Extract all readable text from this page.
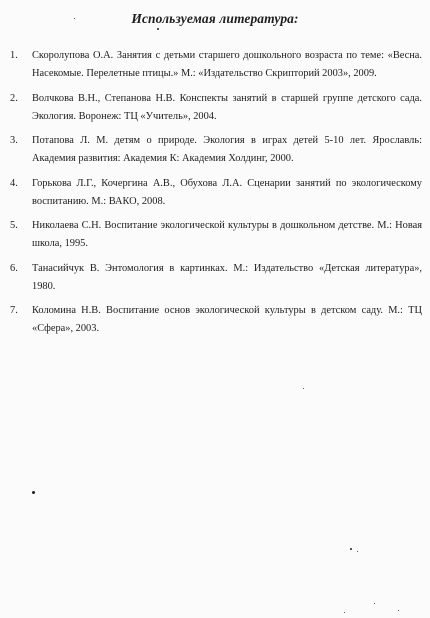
Используемая литература:
1. Скоролупова О.А. Занятия с детьми старшего дошкольного возраста по теме: «Весна. Насекомые. Перелетные птицы.» М.: «Издательство Скрипторий 2003», 2009.
2. Волчкова В.Н., Степанова Н.В. Конспекты занятий в старшей группе детского сада. Экология. Воронеж: ТЦ «Учитель», 2004.
3. Потапова Л. М. детям о природе. Экология в играх детей 5-10 лет. Ярославль: Академия развития: Академия К: Академия Холдинг, 2000.
4. Горькова Л.Г., Кочергина А.В., Обухова Л.А. Сценарии занятий по экологическому воспитанию. М.: ВАКО, 2008.
5. Николаева С.Н. Воспитание экологической культуры в дошкольном детстве. М.: Новая школа, 1995.
6. Танасийчук В. Энтомология в картинках. М.: Издательство «Детская литература», 1980.
7. Коломина Н.В. Воспитание основ экологической культуры в детском саду. М.: ТЦ «Сфера», 2003.
